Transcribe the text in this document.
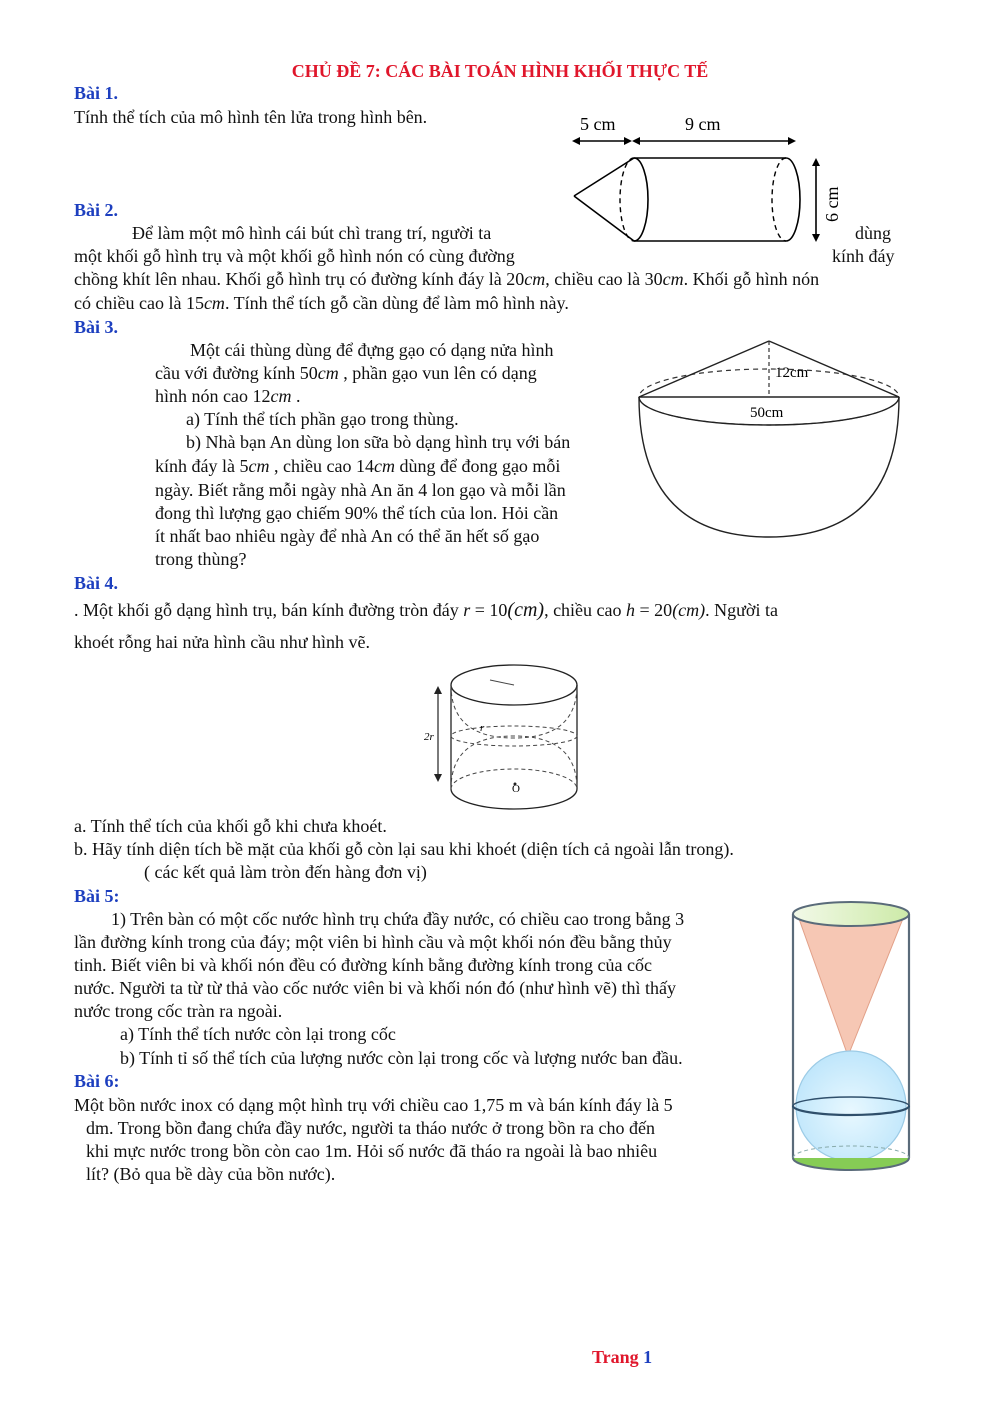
CHỦ ĐỀ 7: CÁC BÀI TOÁN HÌNH KHỐI THỰC TẾ
Bài 1.
Tính thể tích của mô hình tên lửa trong hình bên.	5 cm	9 cm
6 cm
Bài 2.
Để làm một mô hình cái bút chì trang trí, người ta	dùng
một khối gỗ hình trụ và một khối gỗ hình nón có cùng đường	kính đáy
chồng khít lên nhau. Khối gỗ hình trụ có đường kính đáy là 20cm, chiều cao là 30cm. Khối gỗ hình nón
có chiều cao là 15cm. Tính thể tích gỗ cần dùng để làm mô hình này.
Bài 3.
Một cái thùng dùng để đựng gạo có dạng nửa hình
cầu với đường kính 50cm , phần gạo vun lên có dạng
hình nón cao 12cm .
a) Tính thể tích phần gạo trong thùng.
b) Nhà bạn An dùng lon sữa bò dạng hình trụ với bán
kính đáy là 5cm , chiều cao 14cm dùng để đong gạo mỗi
ngày. Biết rằng mỗi ngày nhà An ăn 4 lon gạo và mỗi lần
đong thì lượng gạo chiếm 90% thể tích của lon. Hỏi cần
ít nhất bao nhiêu ngày để nhà An có thể ăn hết số gạo
trong thùng?
12cm
50cm
Bài 4.
. Một khối gỗ dạng hình trụ, bán kính đường tròn đáy r = 10(cm), chiều cao h = 20(cm). Người ta
khoét rỗng hai nửa hình cầu như hình vẽ.
r
2r
O
a. Tính thể tích của khối gỗ khi chưa khoét.
b. Hãy tính diện tích bề mặt của khối gỗ còn lại sau khi khoét (diện tích cả ngoài lẫn trong).
( các kết quả làm tròn đến hàng đơn vị)
Bài 5:
1) Trên bàn có một cốc nước hình trụ chứa đầy nước, có chiều cao trong bằng 3
lần đường kính trong của đáy; một viên bi hình cầu và một khối nón đều bằng thủy
tinh. Biết viên bi và khối nón đều có đường kính bằng đường kính trong của cốc
nước. Người ta từ từ thả vào cốc nước viên bi và khối nón đó (như hình vẽ) thì thấy
nước trong cốc tràn ra ngoài.
a) Tính thể tích nước còn lại trong cốc
b) Tính tỉ số thể tích của lượng nước còn lại trong cốc và lượng nước ban đầu.
Bài 6:
Một bồn nước inox có dạng một hình trụ với chiều cao 1,75 m và bán kính đáy là 5
dm. Trong bồn đang chứa đầy nước, người ta tháo nước ở trong bồn ra cho đến
khi mực nước trong bồn còn cao 1m. Hỏi số nước đã tháo ra ngoài là bao nhiêu
lít? (Bỏ qua bề dày của bồn nước).
Trang 1
